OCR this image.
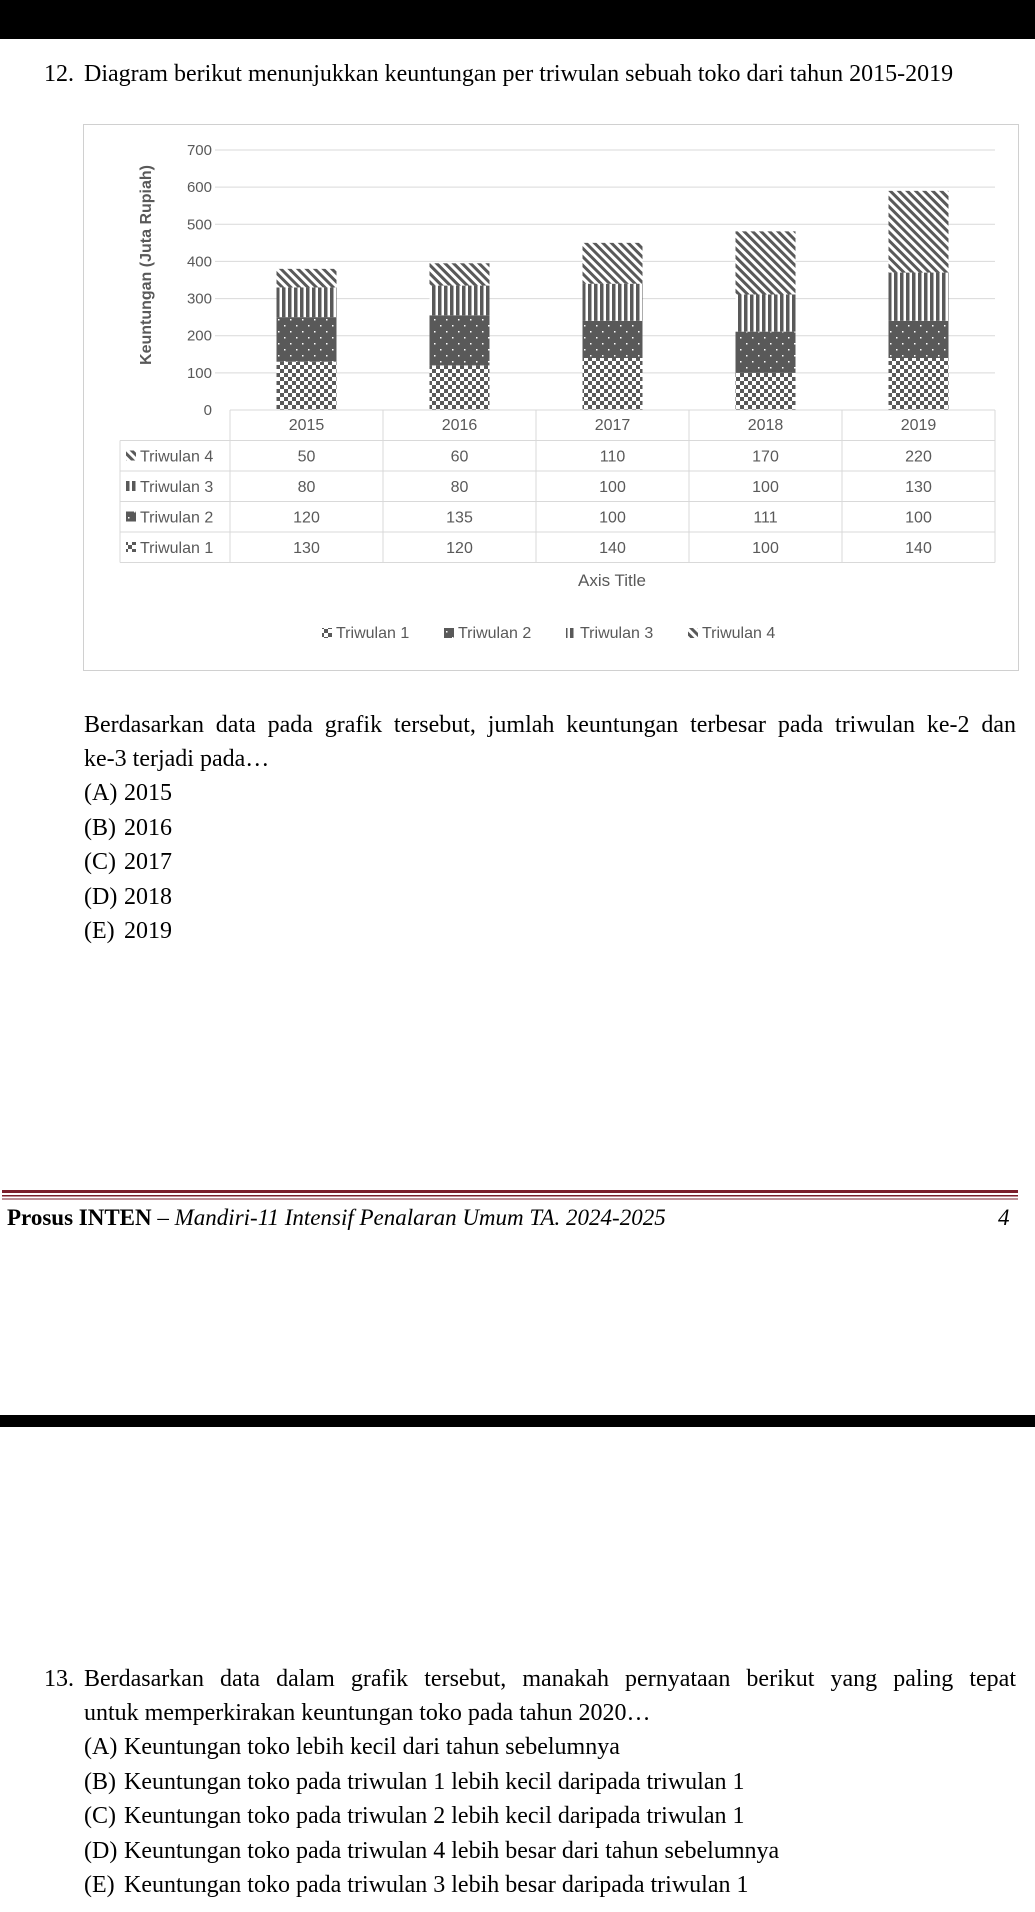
12. Diagram berikut menunjukkan keuntungan per triwulan sebuah toko dari tahun 2015-2019
0
100
200
300
400
500
600
700
Keuntungan (Juta Rupiah)
2015	2016	2017	2018	2019
Triwulan 4	50	60	110	170	220
Triwulan 3	80	80	100	100	130
Triwulan 2	120	135	100	111	100
Triwulan 1	130	120	140	100	140
Axis Title
Triwulan 1	Triwulan 2	Triwulan 3	Triwulan 4
Berdasarkan data pada grafik tersebut, jumlah keuntungan terbesar pada triwulan ke-2 dan
ke-3 terjadi pada…
(A) 2015
(B) 2016
(C) 2017
(D) 2018
(E) 2019
Prosus INTEN – Mandiri-11 Intensif Penalaran Umum TA. 2024-2025	4
13. Berdasarkan data dalam grafik tersebut, manakah pernyataan berikut yang paling tepat
untuk memperkirakan keuntungan toko pada tahun 2020…
(A) Keuntungan toko lebih kecil dari tahun sebelumnya
(B) Keuntungan toko pada triwulan 1 lebih kecil daripada triwulan 1
(C) Keuntungan toko pada triwulan 2 lebih kecil daripada triwulan 1
(D) Keuntungan toko pada triwulan 4 lebih besar dari tahun sebelumnya
(E) Keuntungan toko pada triwulan 3 lebih besar daripada triwulan 1
